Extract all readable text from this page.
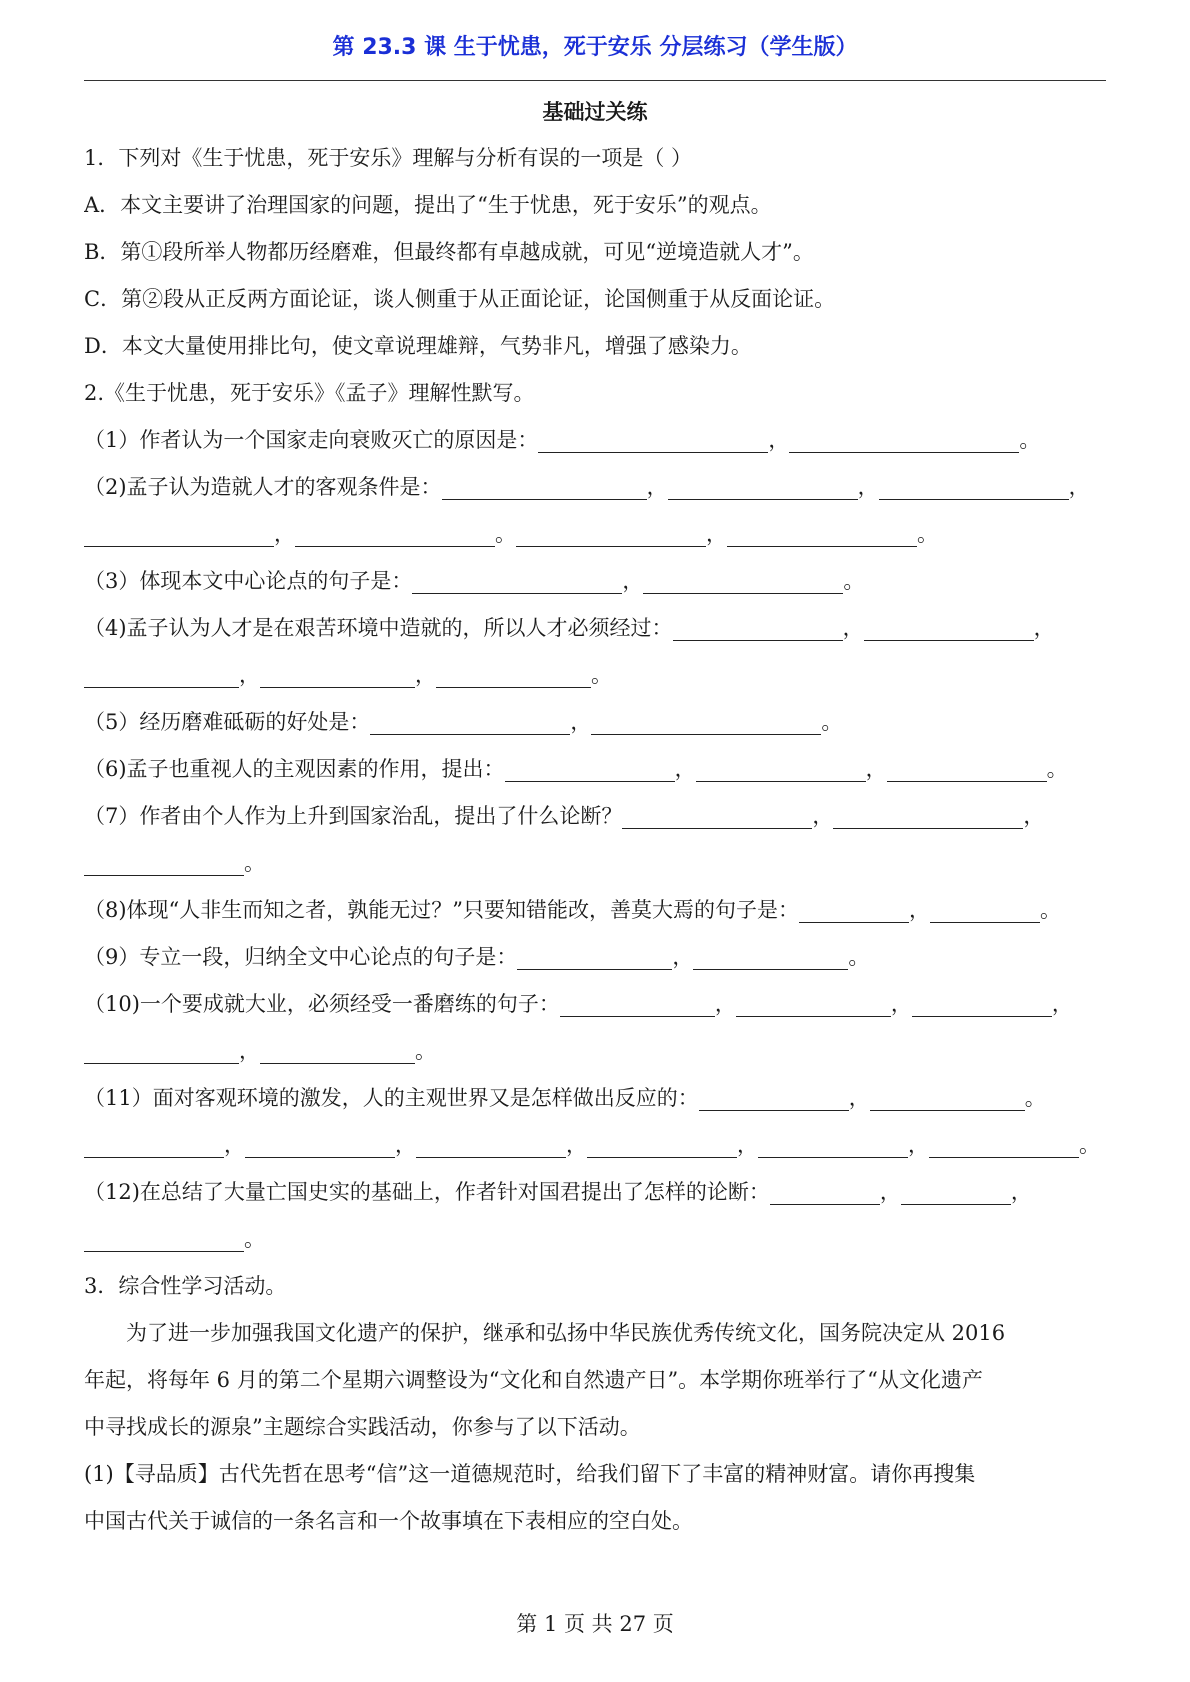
第 23.3 课 生于忧患，死于安乐 分层练习（学生版）
基础过关练
1．下列对《生于忧患，死于安乐》理解与分析有误的一项是（ ）
A．本文主要讲了治理国家的问题，提出了“生于忧患，死于安乐”的观点。
B．第①段所举人物都历经磨难，但最终都有卓越成就，可见“逆境造就人才”。
C．第②段从正反两方面论证，谈人侧重于从正面论证，论国侧重于从反面论证。
D．本文大量使用排比句，使文章说理雄辩，气势非凡，增强了感染力。
2.《生于忧患，死于安乐》《孟子》理解性默写。
（1）作者认为一个国家走向衰败灭亡的原因是：	，	。
（2)孟子认为造就人才的客观条件是：	，	，	，
，	。	，	。
（3）体现本文中心论点的句子是：	，	。
（4)孟子认为人才是在艰苦环境中造就的，所以人才必须经过：	，	，
，	，	。
（5）经历磨难砥砺的好处是：	，	。
（6)孟子也重视人的主观因素的作用，提出：	，	，	。
（7）作者由个人作为上升到国家治乱，提出了什么论断？	，	，
。
（8)体现“人非生而知之者，孰能无过？”只要知错能改，善莫大焉的句子是：	，	。
（9）专立一段，归纳全文中心论点的句子是：	，	。
（10)一个要成就大业，必须经受一番磨练的句子：	，	，	，
，	。
（11）面对客观环境的激发，人的主观世界又是怎样做出反应的：	，	。
，	，	，	，	，	。
（12)在总结了大量亡国史实的基础上，作者针对国君提出了怎样的论断：	，	，
。
3．综合性学习活动。
为了进一步加强我国文化遗产的保护，继承和弘扬中华民族优秀传统文化，国务院决定从 2016
年起，将每年 6 月的第二个星期六调整设为“文化和自然遗产日”。本学期你班举行了“从文化遗产
中寻找成长的源泉”主题综合实践活动，你参与了以下活动。
(1)【寻品质】古代先哲在思考“信”这一道德规范时，给我们留下了丰富的精神财富。请你再搜集
中国古代关于诚信的一条名言和一个故事填在下表相应的空白处。
第 1 页 共 27 页
